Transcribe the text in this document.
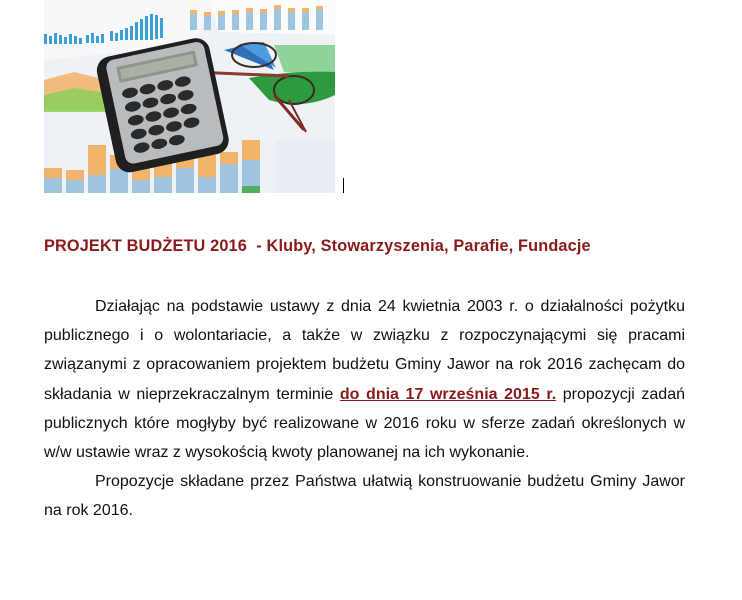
PROJEKT BUDŻETU 2016  - Kluby, Stowarzyszenia, Parafie, Fundacje

Działając na podstawie ustawy z dnia 24 kwietnia 2003 r. o działalności pożytku publicznego i o wolontariacie, a także w związku z rozpoczynającymi się pracami związanymi z opracowaniem projektem budżetu Gminy Jawor na rok 2016 zachęcam do składania w nieprzekraczalnym terminie do dnia 17 września 2015 r. propozycji zadań publicznych które mogłyby być realizowane w 2016 roku w sferze zadań określonych w w/w ustawie wraz z wysokością kwoty planowanej na ich wykonanie.

Propozycje składane przez Państwa ułatwią konstruowanie budżetu Gminy Jawor na rok 2016.
